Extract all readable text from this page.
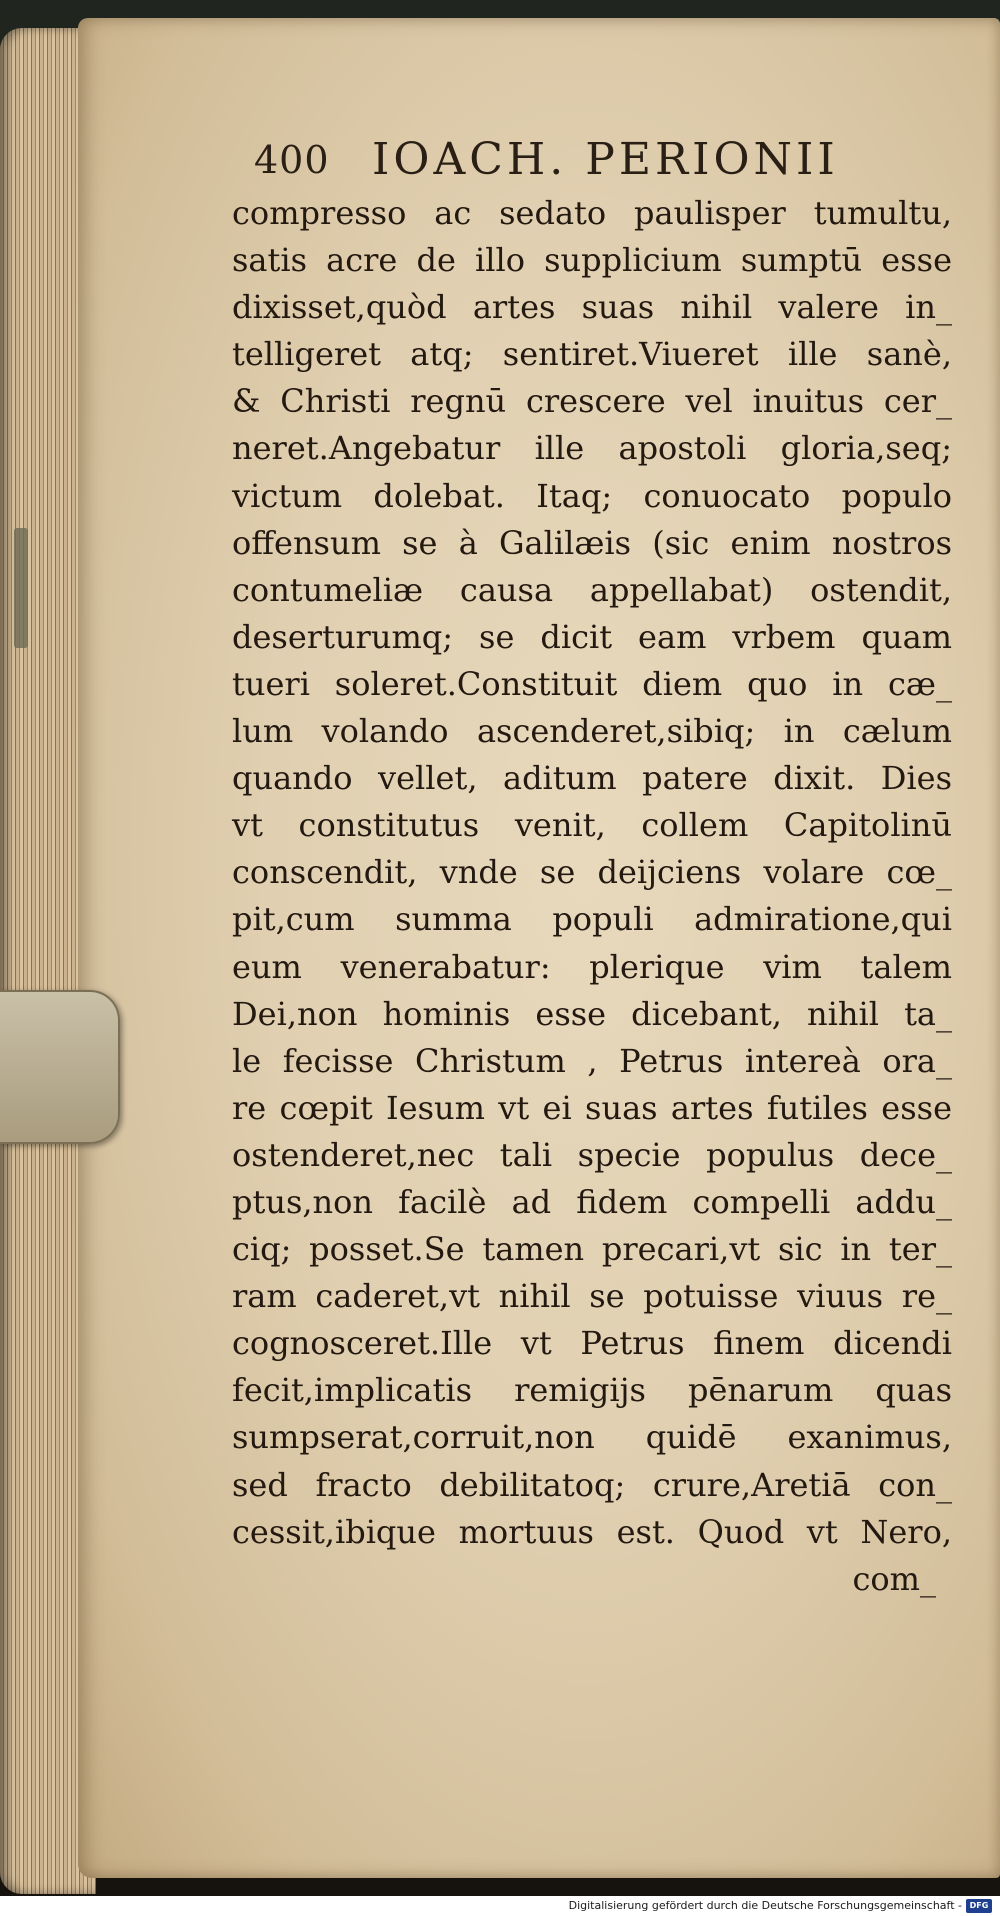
400 IOACH. PERIONII
compresso ac sedato paulisper tumultu,
satis acre de illo supplicium sumptū esse
dixisset,quòd artes suas nihil valere in_
telligeret atq; sentiret.Viueret ille sanè,
& Christi regnū crescere vel inuitus cer_
neret.Angebatur ille apostoli gloria,seq;
victum dolebat. Itaq; conuocato populo
offensum se à Galilæis (sic enim nostros
contumeliæ causa appellabat) ostendit,
deserturumq; se dicit eam vrbem quam
tueri soleret.Constituit diem quo in cæ_
lum volando ascenderet,sibiq; in cælum
quando vellet, aditum patere dixit. Dies
vt constitutus venit, collem Capitolinū
conscendit, vnde se deijciens volare cœ_
pit,cum summa populi admiratione,qui
eum venerabatur: plerique vim talem
Dei,non hominis esse dicebant, nihil ta_
le fecisse Christum , Petrus intereà ora_
re cœpit Iesum vt ei suas artes futiles esse
ostenderet,nec tali specie populus dece_
ptus,non facilè ad fidem compelli addu_
ciq; posset.Se tamen precari,vt sic in ter_
ram caderet,vt nihil se potuisse viuus re_
cognosceret.Ille vt Petrus finem dicendi
fecit,implicatis remigijs pēnarum quas
sumpserat,corruit,non quidē exanimus,
sed fracto debilitatoq; crure,Aretiā con_
cessit,ibique mortuus est. Quod vt Nero,
com_
Digitalisierung gefördert durch die Deutsche Forschungsgemeinschaft - DFG
